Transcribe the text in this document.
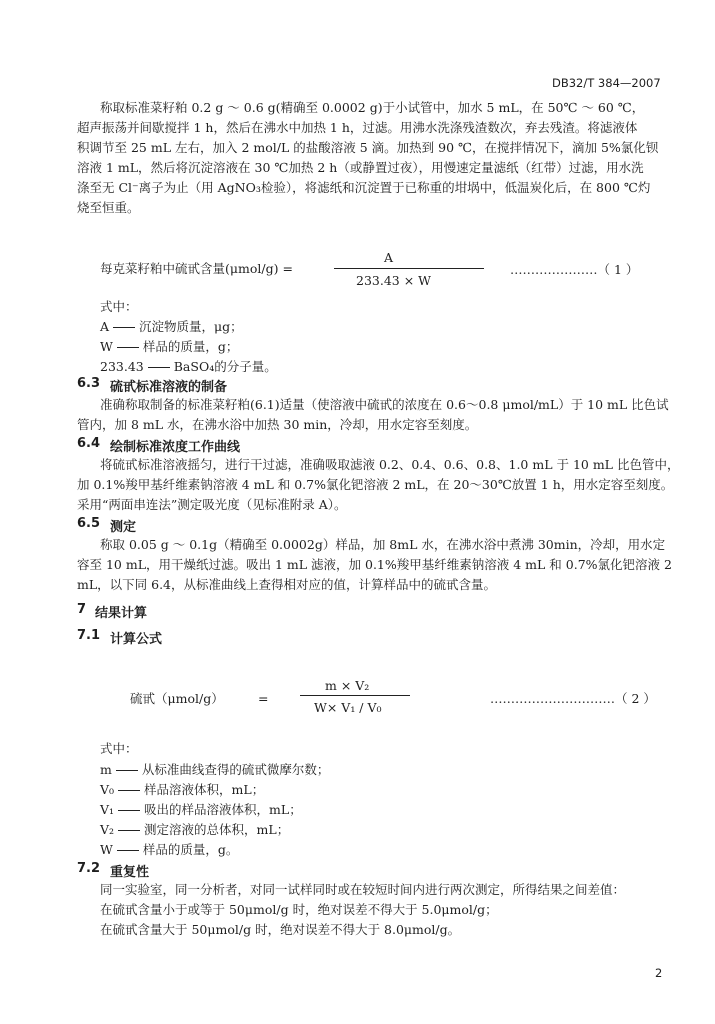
DB32/T 384—2007
称取标准菜籽粕 0.2 g ～ 0.6 g(精确至 0.0002 g)于小试管中，加水 5 mL，在 50℃ ～ 60 ℃，
超声振荡并间歇搅拌 1 h，然后在沸水中加热 1 h，过滤。用沸水洗涤残渣数次，弃去残渣。将滤液体
积调节至 25 mL 左右，加入 2 mol/L 的盐酸溶液 5 滴。加热到 90 ℃，在搅拌情况下，滴加 5%氯化钡
溶液 1 mL，然后将沉淀溶液在 30 ℃加热 2 h（或静置过夜），用慢速定量滤纸（红带）过滤，用水洗
涤至无 Cl⁻离子为止（用 AgNO₃检验），将滤纸和沉淀置于已称重的坩埚中，低温炭化后，在 800 ℃灼
烧至恒重。
每克菜籽粕中硫甙含量(μmol/g) =
A
233.43 × W
…………………（ 1 ）
式中：
A 沉淀物质量，μg；
W 样品的质量，g；
233.43 BaSO₄的分子量。
6.3 硫甙标准溶液的制备
准确称取制备的标准菜籽粕(6.1)适量（使溶液中硫甙的浓度在 0.6～0.8 μmol/mL）于 10 mL 比色试
管内，加 8 mL 水，在沸水浴中加热 30 min，冷却，用水定容至刻度。
6.4 绘制标准浓度工作曲线
将硫甙标准溶液摇匀，进行干过滤，准确吸取滤液 0.2、0.4、0.6、0.8、1.0 mL 于 10 mL 比色管中，
加 0.1%羧甲基纤维素钠溶液 4 mL 和 0.7%氯化钯溶液 2 mL，在 20～30℃放置 1 h，用水定容至刻度。
采用“两面串连法”测定吸光度（见标准附录 A）。
6.5 测定
称取 0.05 g ～ 0.1g（精确至 0.0002g）样品，加 8mL 水，在沸水浴中煮沸 30min，冷却，用水定
容至 10 mL，用干燥纸过滤。吸出 1 mL 滤液，加 0.1%羧甲基纤维素钠溶液 4 mL 和 0.7%氯化钯溶液 2
mL，以下同 6.4，从标准曲线上查得相对应的值，计算样品中的硫甙含量。
7 结果计算
7.1 计算公式
硫甙（μmol/g）	=
m × V₂
W× V₁ / V₀
…………………………（ 2 ）
式中：
m 从标准曲线查得的硫甙微摩尔数；
V₀ 样品溶液体积，mL；
V₁ 吸出的样品溶液体积，mL；
V₂ 测定溶液的总体积，mL；
W 样品的质量，g。
7.2 重复性
同一实验室，同一分析者，对同一试样同时或在较短时间内进行两次测定，所得结果之间差值：
在硫甙含量小于或等于 50μmol/g 时，绝对误差不得大于 5.0μmol/g；
在硫甙含量大于 50μmol/g 时，绝对误差不得大于 8.0μmol/g。
2
